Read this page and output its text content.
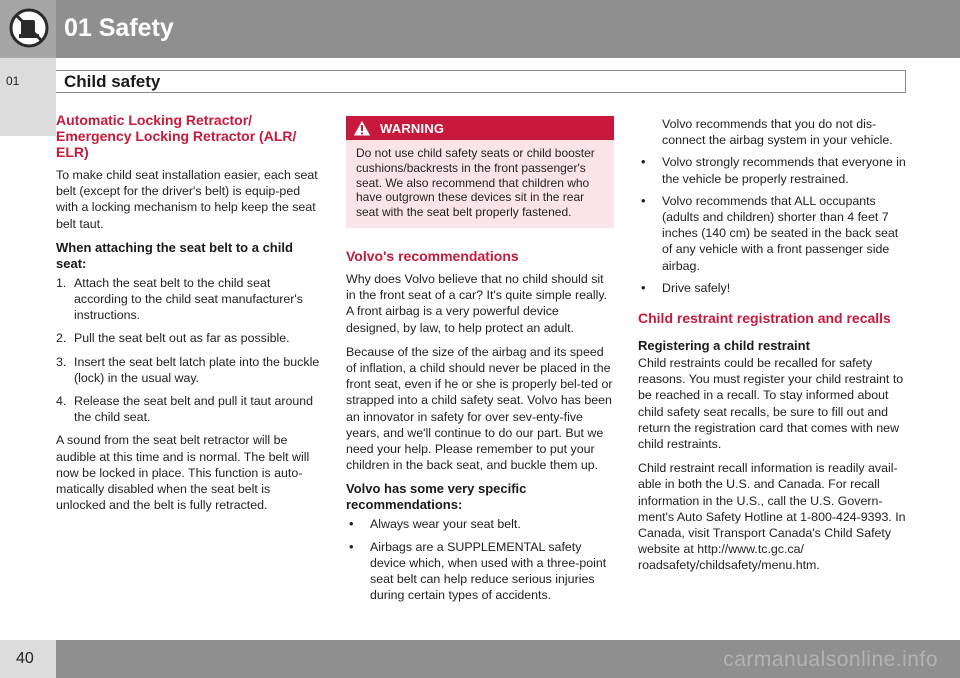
01 Safety
01	Child safety
Automatic Locking Retractor/ Emergency Locking Retractor (ALR/ ELR)

To make child seat installation easier, each seat belt (except for the driver's belt) is equip-ped with a locking mechanism to help keep the seat belt taut.

When attaching the seat belt to a child seat:
1. Attach the seat belt to the child seat according to the child seat manufacturer's instructions.
2. Pull the seat belt out as far as possible.
3. Insert the seat belt latch plate into the buckle (lock) in the usual way.
4. Release the seat belt and pull it taut around the child seat.

A sound from the seat belt retractor will be audible at this time and is normal. The belt will now be locked in place. This function is auto-matically disabled when the seat belt is unlocked and the belt is fully retracted.

WARNING
Do not use child safety seats or child booster cushions/backrests in the front passenger's seat. We also recommend that children who have outgrown these devices sit in the rear seat with the seat belt properly fastened.
Volvo's recommendations

Why does Volvo believe that no child should sit in the front seat of a car? It's quite simple really. A front airbag is a very powerful device designed, by law, to help protect an adult.

Because of the size of the airbag and its speed of inflation, a child should never be placed in the front seat, even if he or she is properly bel-ted or strapped into a child safety seat. Volvo has been an innovator in safety for over sev-enty-five years, and we'll continue to do our part. But we need your help. Please remember to put your children in the back seat, and buckle them up.

Volvo has some very specific recommendations:
• Always wear your seat belt.
• Airbags are a SUPPLEMENTAL safety device which, when used with a three-point seat belt can help reduce serious injuries during certain types of accidents.
Volvo recommends that you do not dis-connect the airbag system in your vehicle.
• Volvo strongly recommends that everyone in the vehicle be properly restrained.
• Volvo recommends that ALL occupants (adults and children) shorter than 4 feet 7 inches (140 cm) be seated in the back seat of any vehicle with a front passenger side airbag.
• Drive safely!
Child restraint registration and recalls
Registering a child restraint

Child restraints could be recalled for safety reasons. You must register your child restraint to be reached in a recall. To stay informed about child safety seat recalls, be sure to fill out and return the registration card that comes with new child restraints.

Child restraint recall information is readily avail-able in both the U.S. and Canada. For recall information in the U.S., call the U.S. Govern-ment's Auto Safety Hotline at 1-800-424-9393. In Canada, visit Transport Canada's Child Safety website at http://www.tc.gc.ca/ roadsafety/childsafety/menu.htm.

40	carmanualsonline.info
